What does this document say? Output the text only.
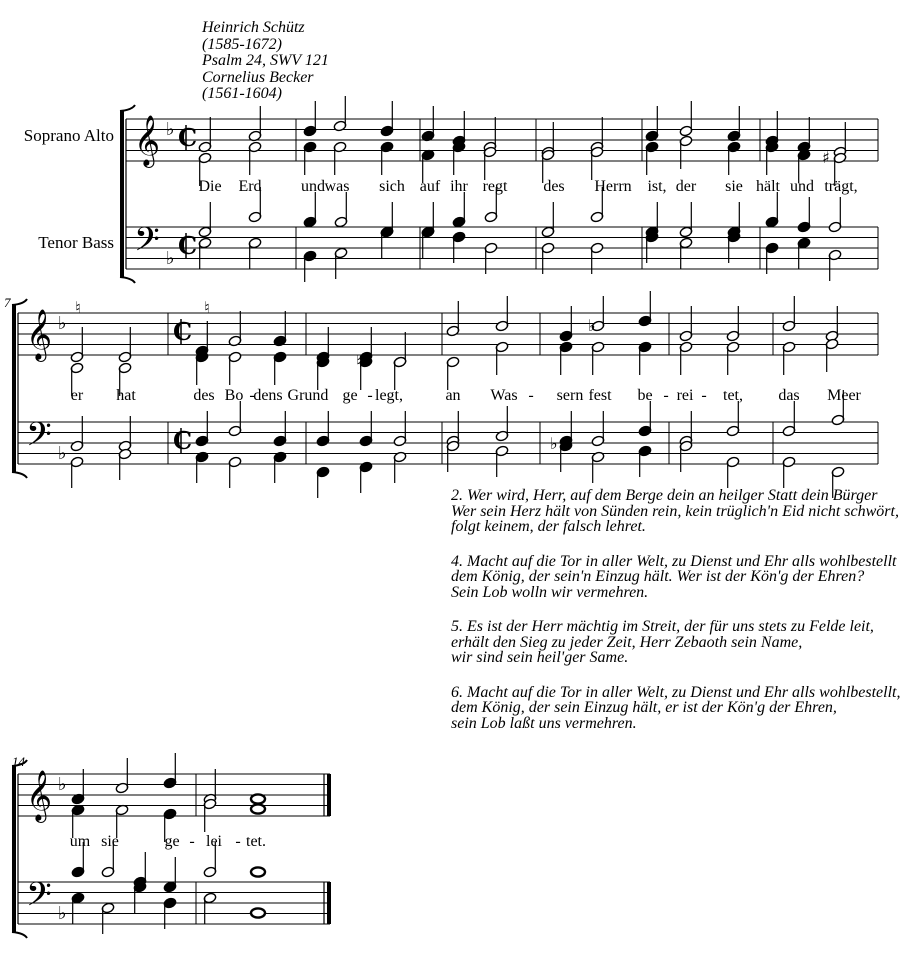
Heinrich Schütz
(1585-1672)
Psalm 24, SWV 121
Cornelius Becker
(1561-1604)
Soprano Alto
Tenor Bass
7
14
𝄞
𝄢
♭
♭
C
C
𝄞
𝄢
♭
♭
𝄞
𝄢
♭
♭
C
C
♯
♮	♮
♮
♭
♭
Die Erd und was sich auf ihr regt des Herrn ist, der sie hält und trägt,
er hat	des Bo -
dens Grund ge - legt,	an Was - sern fest be - rei - tet, das Meer
um sie	ge - lei - tet.
2. Wer wird, Herr, auf dem Berge dein an heilger Statt dein Bürger
Wer sein Herz hält von Sünden rein, kein trüglich'n Eid nicht schwört,
folgt keinem, der falsch lehret.
4. Macht auf die Tor in aller Welt, zu Dienst und Ehr alls wohlbestellt
dem König, der sein'n Einzug hält. Wer ist der Kön'g der Ehren?
Sein Lob wolln wir vermehren.
5. Es ist der Herr mächtig im Streit, der für uns stets zu Felde leit,
erhält den Sieg zu jeder Zeit, Herr Zebaoth sein Name,
wir sind sein heil'ger Same.
6. Macht auf die Tor in aller Welt, zu Dienst und Ehr alls wohlbestellt,
dem König, der sein Einzug hält, er ist der Kön'g der Ehren,
sein Lob laßt uns vermehren.
